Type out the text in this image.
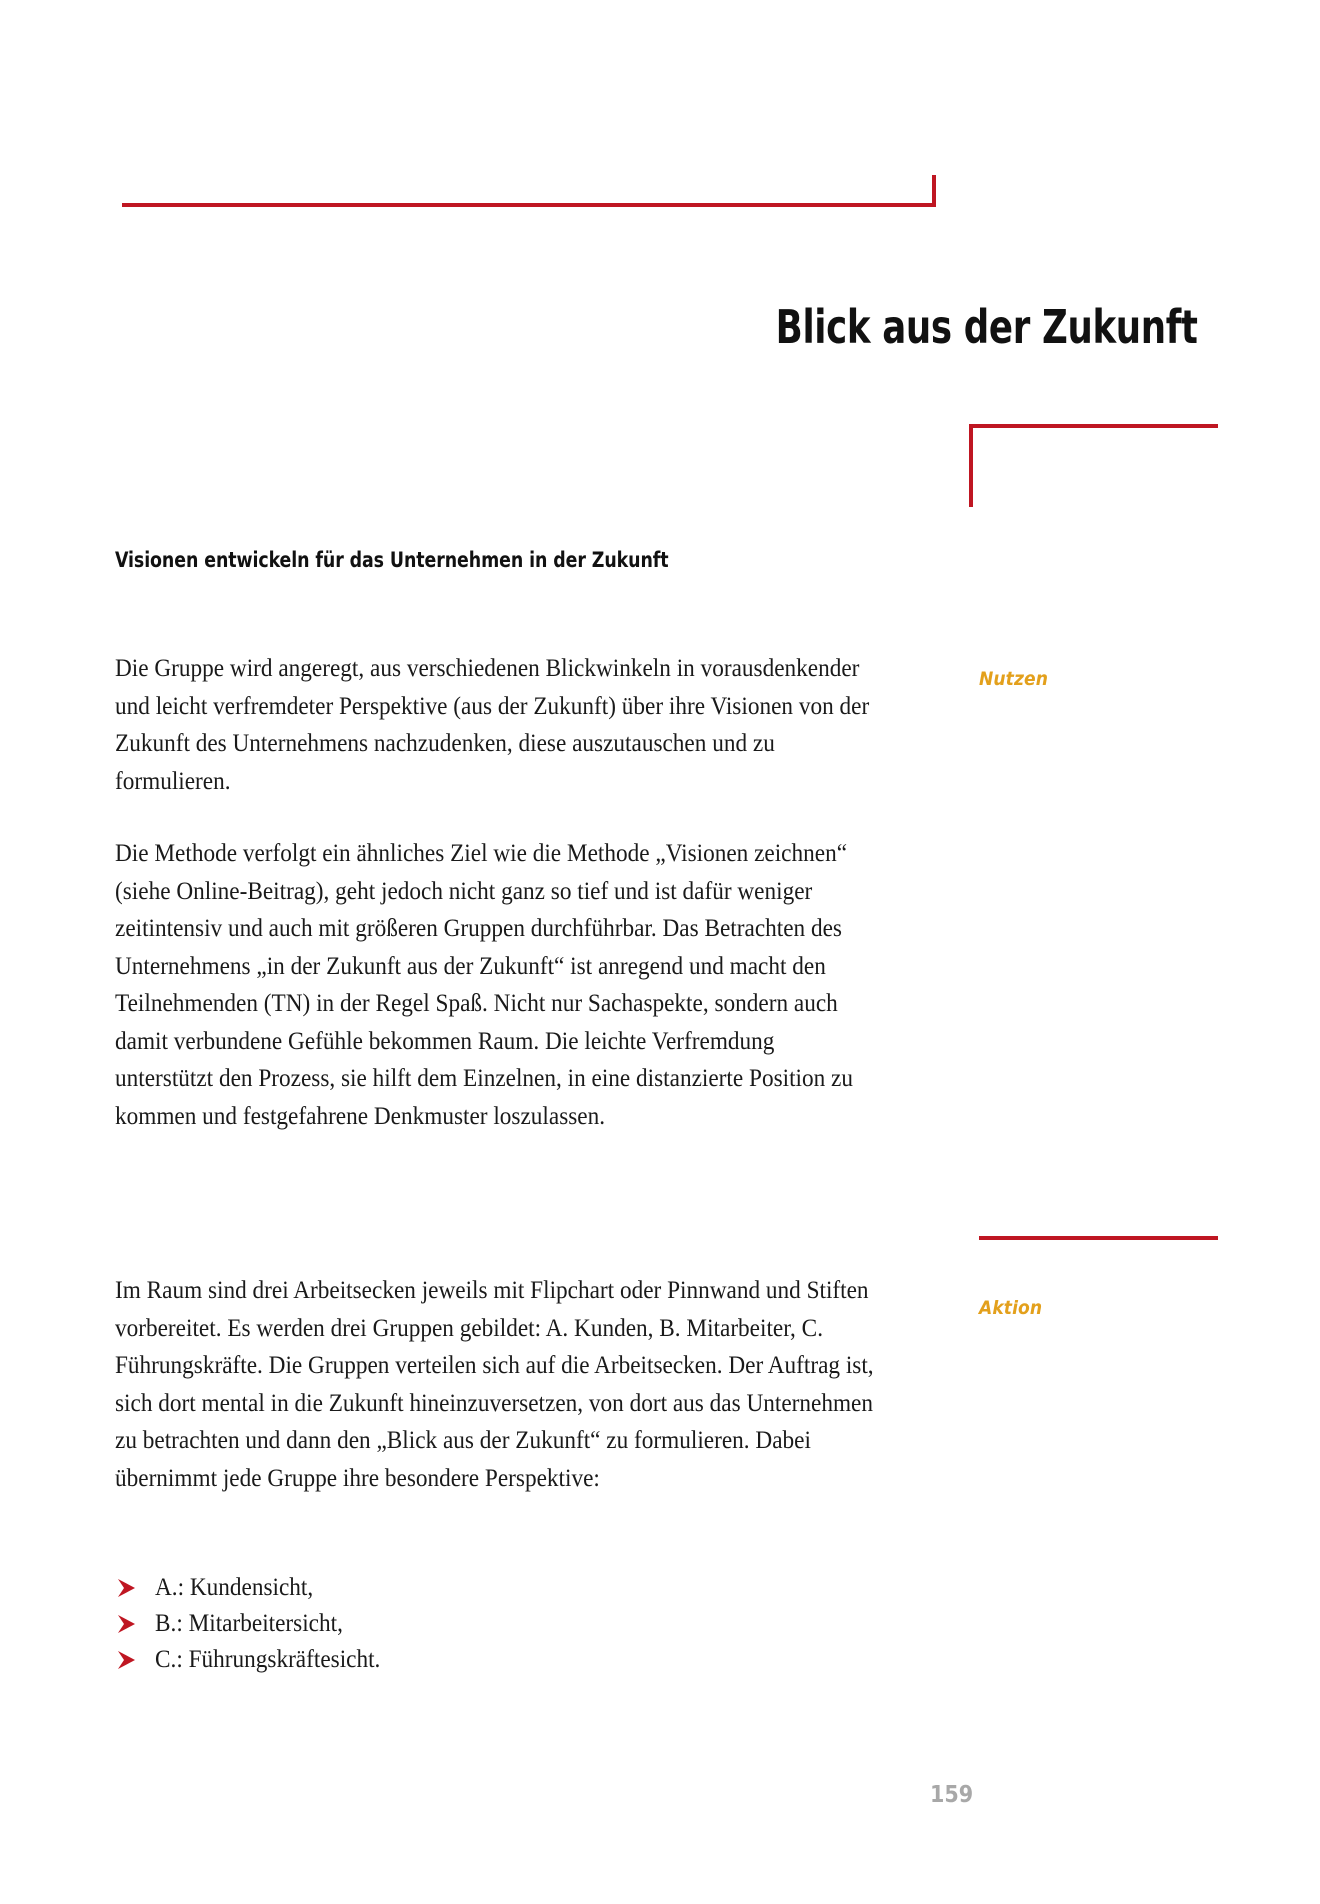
Blick aus der Zukunft
Visionen entwickeln für das Unternehmen in der Zukunft

Die Gruppe wird angeregt, aus verschiedenen Blickwinkeln in vorausdenkender und leicht verfremdeter Perspektive (aus der Zukunft) über ihre Visionen von der Zukunft des Unternehmens nachzudenken, diese auszutauschen und zu formulieren.

Die Methode verfolgt ein ähnliches Ziel wie die Methode „Visionen zeichnen“ (siehe Online-Beitrag), geht jedoch nicht ganz so tief und ist dafür weniger zeitintensiv und auch mit größeren Gruppen durchführbar. Das Betrachten des Unternehmens „in der Zukunft aus der Zukunft“ ist anregend und macht den Teilnehmenden (TN) in der Regel Spaß. Nicht nur Sachaspekte, sondern auch damit verbundene Gefühle bekommen Raum. Die leichte Verfremdung unterstützt den Prozess, sie hilft dem Einzelnen, in eine distanzierte Position zu kommen und festgefahrene Denkmuster loszulassen.

Im Raum sind drei Arbeitsecken jeweils mit Flipchart oder Pinnwand und Stiften vorbereitet. Es werden drei Gruppen gebildet: A. Kunden, B. Mitarbeiter, C. Führungskräfte. Die Gruppen verteilen sich auf die Arbeitsecken. Der Auftrag ist, sich dort mental in die Zukunft hineinzuversetzen, von dort aus das Unternehmen zu betrachten und dann den „Blick aus der Zukunft“ zu formulieren. Dabei übernimmt jede Gruppe ihre besondere Perspektive:

Nutzen
Aktion
A.: Kundensicht,
B.: Mitarbeitersicht,
C.: Führungskräftesicht.
159
